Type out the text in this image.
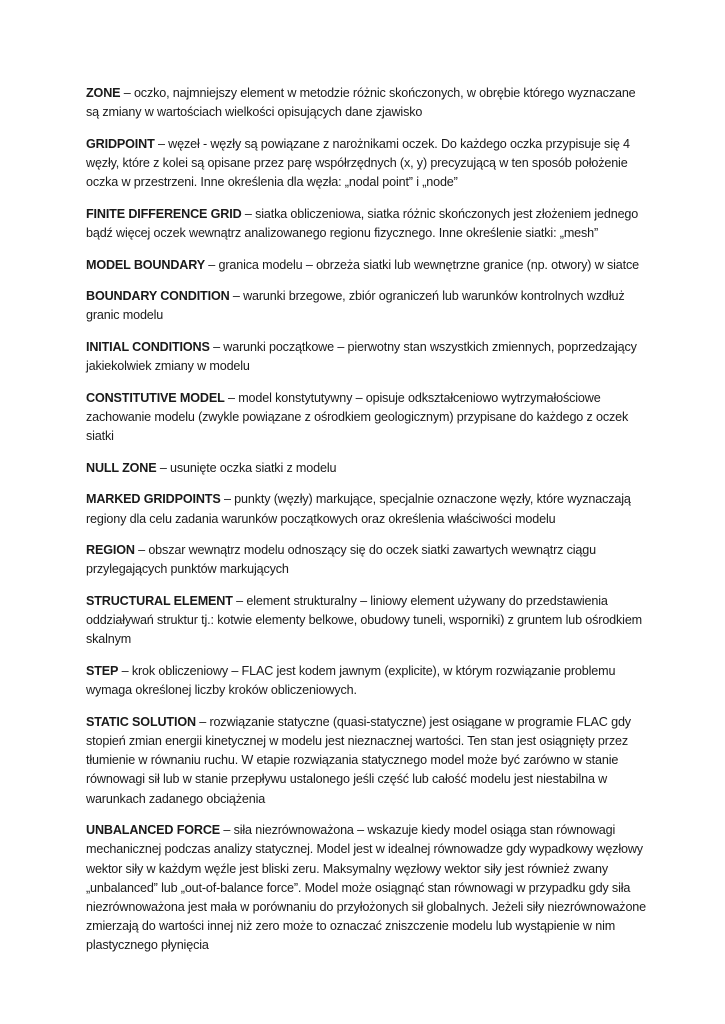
ZONE – oczko, najmniejszy element w metodzie różnic skończonych, w obrębie którego wyznaczane są zmiany w wartościach wielkości opisujących dane zjawisko

GRIDPOINT – węzeł - węzły są powiązane z narożnikami oczek. Do każdego oczka przypisuje się 4 węzły, które z kolei są opisane przez parę współrzędnych (x, y) precyzującą w ten sposób położenie oczka w przestrzeni. Inne określenia dla węzła: „nodal point” i „node”

FINITE DIFFERENCE GRID – siatka obliczeniowa, siatka różnic skończonych jest złożeniem jednego bądź więcej oczek wewnątrz analizowanego regionu fizycznego. Inne określenie siatki: „mesh”

MODEL BOUNDARY – granica modelu – obrzeża siatki lub wewnętrzne granice (np. otwory) w siatce

BOUNDARY CONDITION – warunki brzegowe, zbiór ograniczeń lub warunków kontrolnych wzdłuż granic modelu

INITIAL CONDITIONS – warunki początkowe – pierwotny stan wszystkich zmiennych, poprzedzający jakiekolwiek zmiany w modelu

CONSTITUTIVE MODEL – model konstytutywny – opisuje odkształceniowo wytrzymałościowe zachowanie modelu (zwykle powiązane z ośrodkiem geologicznym) przypisane do każdego z oczek siatki

NULL ZONE – usunięte oczka siatki z modelu

MARKED GRIDPOINTS – punkty (węzły) markujące, specjalnie oznaczone węzły, które wyznaczają regiony dla celu zadania warunków początkowych oraz określenia właściwości modelu

REGION – obszar wewnątrz modelu odnoszący się do oczek siatki zawartych wewnątrz ciągu przylegających punktów markujących

STRUCTURAL ELEMENT – element strukturalny – liniowy element używany do przedstawienia oddziaływań struktur tj.: kotwie elementy belkowe, obudowy tuneli, wsporniki) z gruntem lub ośrodkiem skalnym

STEP – krok obliczeniowy – FLAC jest kodem jawnym (explicite), w którym rozwiązanie problemu wymaga określonej liczby kroków obliczeniowych.

STATIC SOLUTION – rozwiązanie statyczne (quasi-statyczne) jest osiągane w programie FLAC gdy stopień zmian energii kinetycznej w modelu jest nieznacznej wartości. Ten stan jest osiągnięty przez tłumienie w równaniu ruchu. W etapie rozwiązania statycznego model może być zarówno w stanie równowagi sił lub w stanie przepływu ustalonego jeśli część lub całość modelu jest niestabilna w warunkach zadanego obciążenia

UNBALANCED FORCE – siła niezrównoważona – wskazuje kiedy model osiąga stan równowagi mechanicznej podczas analizy statycznej. Model jest w idealnej równowadze gdy wypadkowy węzłowy wektor siły w każdym węźle jest bliski zeru. Maksymalny węzłowy wektor siły jest również zwany „unbalanced” lub „out-of-balance force”. Model może osiągnąć stan równowagi w przypadku gdy siła niezrównoważona jest mała w porównaniu do przyłożonych sił globalnych. Jeżeli siły niezrównoważone zmierzają do wartości innej niż zero może to oznaczać zniszczenie modelu lub wystąpienie w nim plastycznego płynięcia
